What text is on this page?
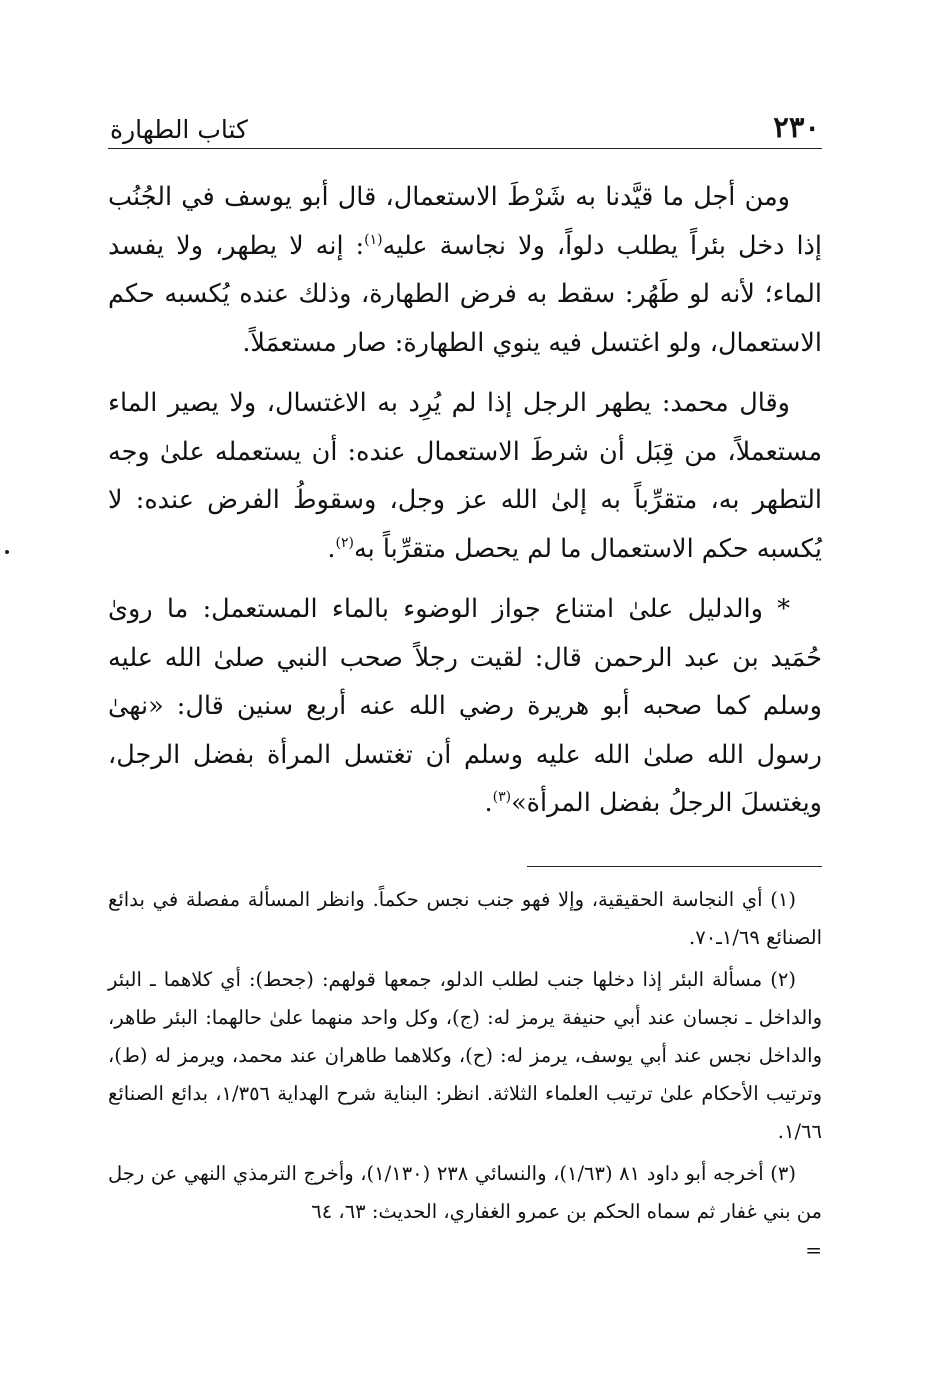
٢٣٠
كتاب الطهارة

ومن أجل ما قيَّدنا به شَرْطَ الاستعمال، قال أبو يوسف في الجُنُب إذا دخل بئراً يطلب دلواً، ولا نجاسة عليه$^{(١)}$: إنه لا يطهر، ولا يفسد الماء؛ لأنه لو طَهُر: سقط به فرض الطهارة، وذلك عنده يُكسبه حكم الاستعمال، ولو اغتسل فيه ينوي الطهارة: صار مستعمَلاً.

وقال محمد: يطهر الرجل إذا لم يُرِد به الاغتسال، ولا يصير الماء مستعملاً، من قِبَل أن شرطَ الاستعمال عنده: أن يستعمله علىٰ وجه التطهر به، متقرِّباً به إلىٰ الله عز وجل، وسقوطُ الفرض عنده: لا يُكسبه حكم الاستعمال ما لم يحصل متقرِّباً به$^{(٢)}$.

* والدليل علىٰ امتناع جواز الوضوء بالماء المستعمل: ما روىٰ حُمَيد بن عبد الرحمن قال: لقيت رجلاً صحب النبي صلىٰ الله عليه وسلم كما صحبه أبو هريرة رضي الله عنه أربع سنين قال: «نهىٰ رسول الله صلىٰ الله عليه وسلم أن تغتسل المرأة بفضل الرجل، ويغتسلَ الرجلُ بفضل المرأة»$^{(٣)}$.

(١) أي النجاسة الحقيقية، وإلا فهو جنب نجس حكماً. وانظر المسألة مفصلة في بدائع الصنائع ١/٦٩ـ٧٠.

(٢) مسألة البئر إذا دخلها جنب لطلب الدلو، جمعها قولهم: (جحط): أي كلاهما ـ البئر والداخل ـ نجسان عند أبي حنيفة يرمز له: (ج)، وكل واحد منهما علىٰ حالهما: البئر طاهر، والداخل نجس عند أبي يوسف، يرمز له: (ح)، وكلاهما طاهران عند محمد، ويرمز له (ط)، وترتيب الأحكام علىٰ ترتيب العلماء الثلاثة. انظر: البناية شرح الهداية ١/٣٥٦، بدائع الصنائع ١/٦٦.

(٣) أخرجه أبو داود ٨١ (١/٦٣)، والنسائي ٢٣٨ (١/١٣٠)، وأخرج الترمذي النهي عن رجل من بني غفار ثم سماه الحكم بن عمرو الغفاري، الحديث: ٦٣، ٦٤

=
